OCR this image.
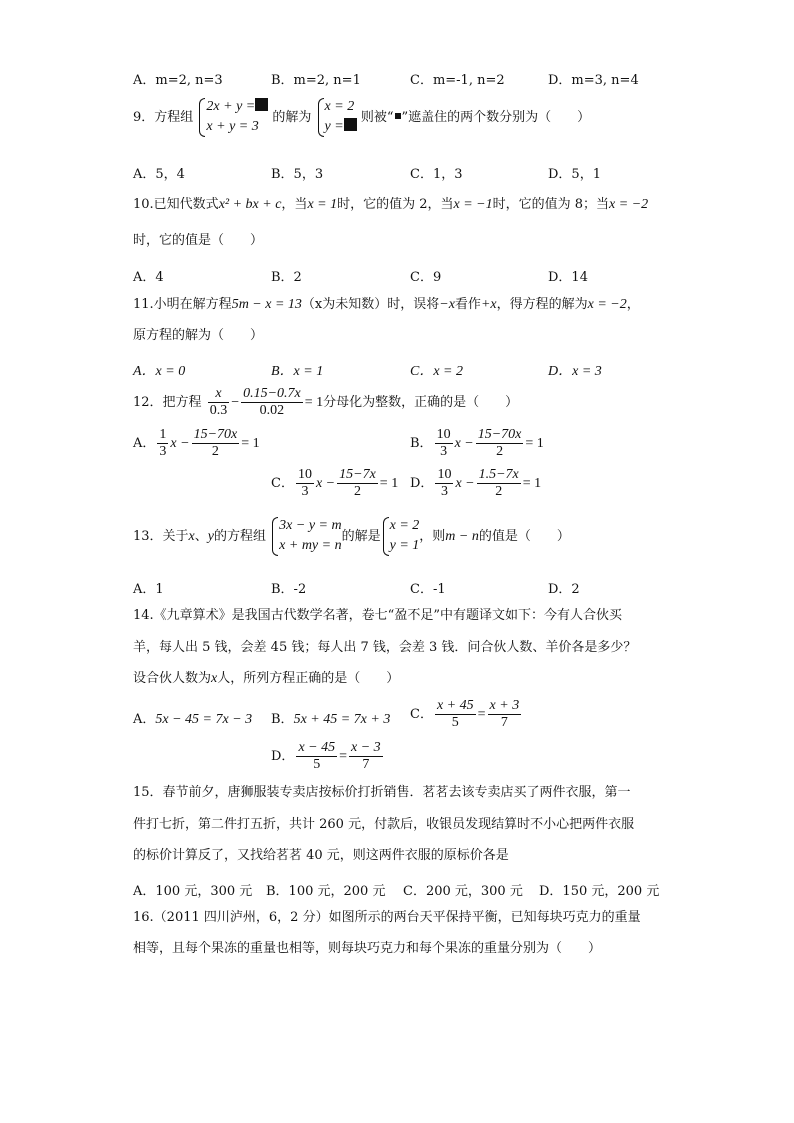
A．m=2, n=3	B．m=2, n=1	C．m=-1, n=2	D．m=3, n=4
9．方程组
2x + y =
x + y = 3
的解为
x = 2
y =
则被“ ”遮盖住的两个数分别为（　　）
A．5，4	B．5，3	C．1，3	D．5，1
10.已知代数式x² + bx + c，当x = 1时，它的值为 2，当x = −1时，它的值为 8；当x = −2
时，它的值是（　　）
A．4	B．2	C．9	D．14
11.小明在解方程5m − x = 13（x为未知数）时，误将−x看作+x，得方程的解为x = −2，
原方程的解为（　　）
A．x = 0	B．x = 1	C．x = 2	D．x = 3
12．把方程 $\frac{x}{0.3} - \frac{0.15-0.7x}{0.02} = 1$分母化为整数，正确的是（　　）
A． $\frac{1}{3}$ $x - \frac{15-70x}{2} = 1$	B． $\frac{10}{3}$ $x - \frac{15-70x}{2} = 1$
C． $\frac{10}{3}$ $x - \frac{15-7x}{2} = 1$ D． $\frac{10}{3}$ $x - \frac{1.5-7x}{2} = 1$
13．关于x、y的方程组
3x − y = m
x + my = n
的解是
x = 2
y = 1
，则m − n的值是（　　）
A．1	B．-2	C．-1	D．2
14.《九章算术》是我国古代数学名著，卷七“盈不足”中有题译文如下：今有人合伙买
羊，每人出 5 钱，会差 45 钱；每人出 7 钱，会差 3 钱．问合伙人数、羊价各是多少？
设合伙人数为x人，所列方程正确的是（　　）
A．5x − 45 = 7x − 3 B．5x + 45 = 7x + 3 C． $\frac{x + 45}{5} = \frac{x + 3}{7}$
D． $\frac{x - 45}{5} = \frac{x - 3}{7}$
15．春节前夕，唐狮服装专卖店按标价打折销售．茗茗去该专卖店买了两件衣服，第一
件打七折，第二件打五折，共计 260 元，付款后，收银员发现结算时不小心把两件衣服
的标价计算反了，又找给茗茗 40 元，则这两件衣服的原标价各是
A．100 元，300 元 B．100 元，200 元 C．200 元，300 元 D．150 元，200 元
16.（2011 四川泸州，6，2 分）如图所示的两台天平保持平衡，已知每块巧克力的重量
相等，且每个果冻的重量也相等，则每块巧克力和每个果冻的重量分别为（　　）
